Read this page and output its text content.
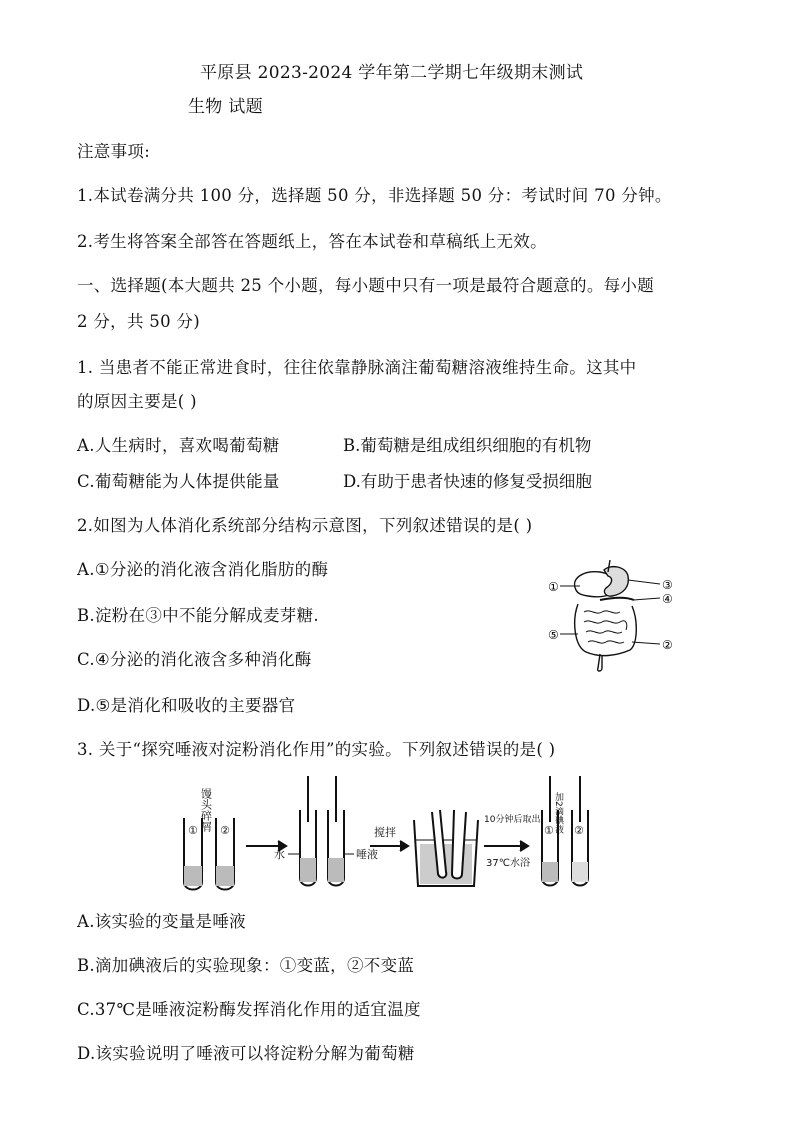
平原县 2023-2024 学年第二学期七年级期末测试
生物 试题
注意事项:
1.本试卷满分共 100 分，选择题 50 分，非选择题 50 分：考试时间 70 分钟。
2.考生将答案全部答在答题纸上，答在本试卷和草稿纸上无效。
一、选择题(本大题共 25 个小题，每小题中只有一项是最符合题意的。每小题
2 分，共 50 分)
1. 当患者不能正常进食时，往往依靠静脉滴注葡萄糖溶液维持生命。这其中
的原因主要是( )
A.人生病时，喜欢喝葡萄糖	B.葡萄糖是组成组织细胞的有机物
C.葡萄糖能为人体提供能量	D.有助于患者快速的修复受损细胞
2.如图为人体消化系统部分结构示意图，下列叙述错误的是( )
A.①分泌的消化液含消化脂肪的酶
B.淀粉在③中不能分解成麦芽糖.
C.④分泌的消化液含多种消化酶
D.⑤是消化和吸收的主要器官
①	③
④
⑤
②
3. 关于“探究唾液对淀粉消化作用”的实验。下列叙述错误的是( )
馒头碎屑
① ②
水	唾液
搅拌
10分钟后取出
37℃水浴
加2滴碘液
① ②
A.该实验的变量是唾液
B.滴加碘液后的实验现象：①变蓝，②不变蓝
C.37℃是唾液淀粉酶发挥消化作用的适宜温度
D.该实验说明了唾液可以将淀粉分解为葡萄糖
